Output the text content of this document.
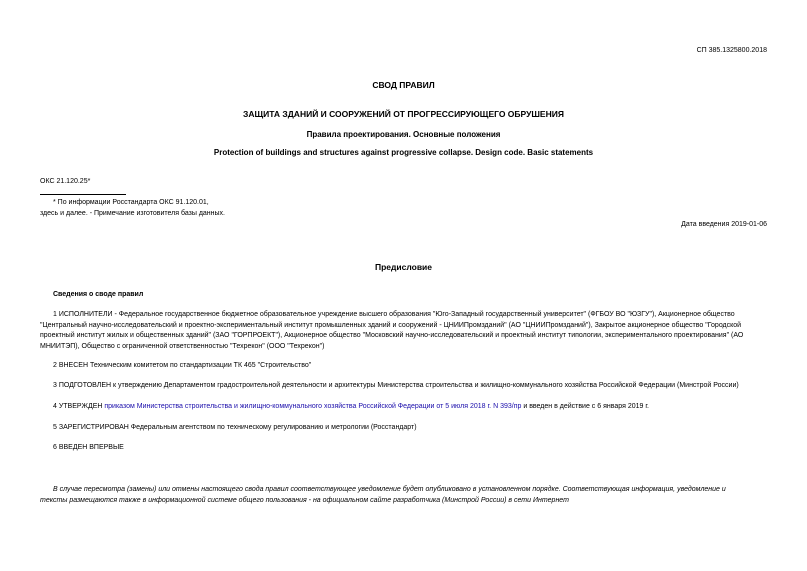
СП 385.1325800.2018
СВОД ПРАВИЛ
ЗАЩИТА ЗДАНИЙ И СООРУЖЕНИЙ ОТ ПРОГРЕССИРУЮЩЕГО ОБРУШЕНИЯ
Правила проектирования. Основные положения
Protection of buildings and structures against progressive collapse. Design code. Basic statements
ОКС 21.120.25*
* По информации Росстандарта ОКС 91.120.01,
здесь и далее. - Примечание изготовителя базы данных.
Дата введения 2019-01-06
Предисловие
Сведения о своде правил
1 ИСПОЛНИТЕЛИ - Федеральное государственное бюджетное образовательное учреждение высшего образования "Юго-Западный государственный университет" (ФГБОУ ВО "ЮЗГУ"), Акционерное общество
"Центральный научно-исследовательский и проектно-экспериментальный институт промышленных зданий и сооружений - ЦНИИПромзданий" (АО "ЦНИИПромзданий"), Закрытое акционерное общество "Городской
проектный институт жилых и общественных зданий" (ЗАО "ГОРПРОЕКТ"), Акционерное общество "Московский научно-исследовательский и проектный институт типологии, экспериментального проектирования" (АО
МНИИТЭП), Общество с ограниченной ответственностью "Техрекон" (ООО "Техрекон")
2 ВНЕСЕН Техническим комитетом по стандартизации ТК 465 "Строительство"
3 ПОДГОТОВЛЕН к утверждению Департаментом градостроительной деятельности и архитектуры Министерства строительства и жилищно-коммунального хозяйства Российской Федерации (Минстрой России)
4 УТВЕРЖДЕН приказом Министерства строительства и жилищно-коммунального хозяйства Российской Федерации от 5 июля 2018 г. N 393/пр и введен в действие с 6 января 2019 г.
5 ЗАРЕГИСТРИРОВАН Федеральным агентством по техническому регулированию и метрологии (Росстандарт)
6 ВВЕДЕН ВПЕРВЫЕ
В случае пересмотра (замены) или отмены настоящего свода правил соответствующее уведомление будет опубликовано в установленном порядке. Соответствующая информация, уведомление и
тексты размещаются также в информационной системе общего пользования - на официальном сайте разработчика (Минстрой России) в сети Интернет
